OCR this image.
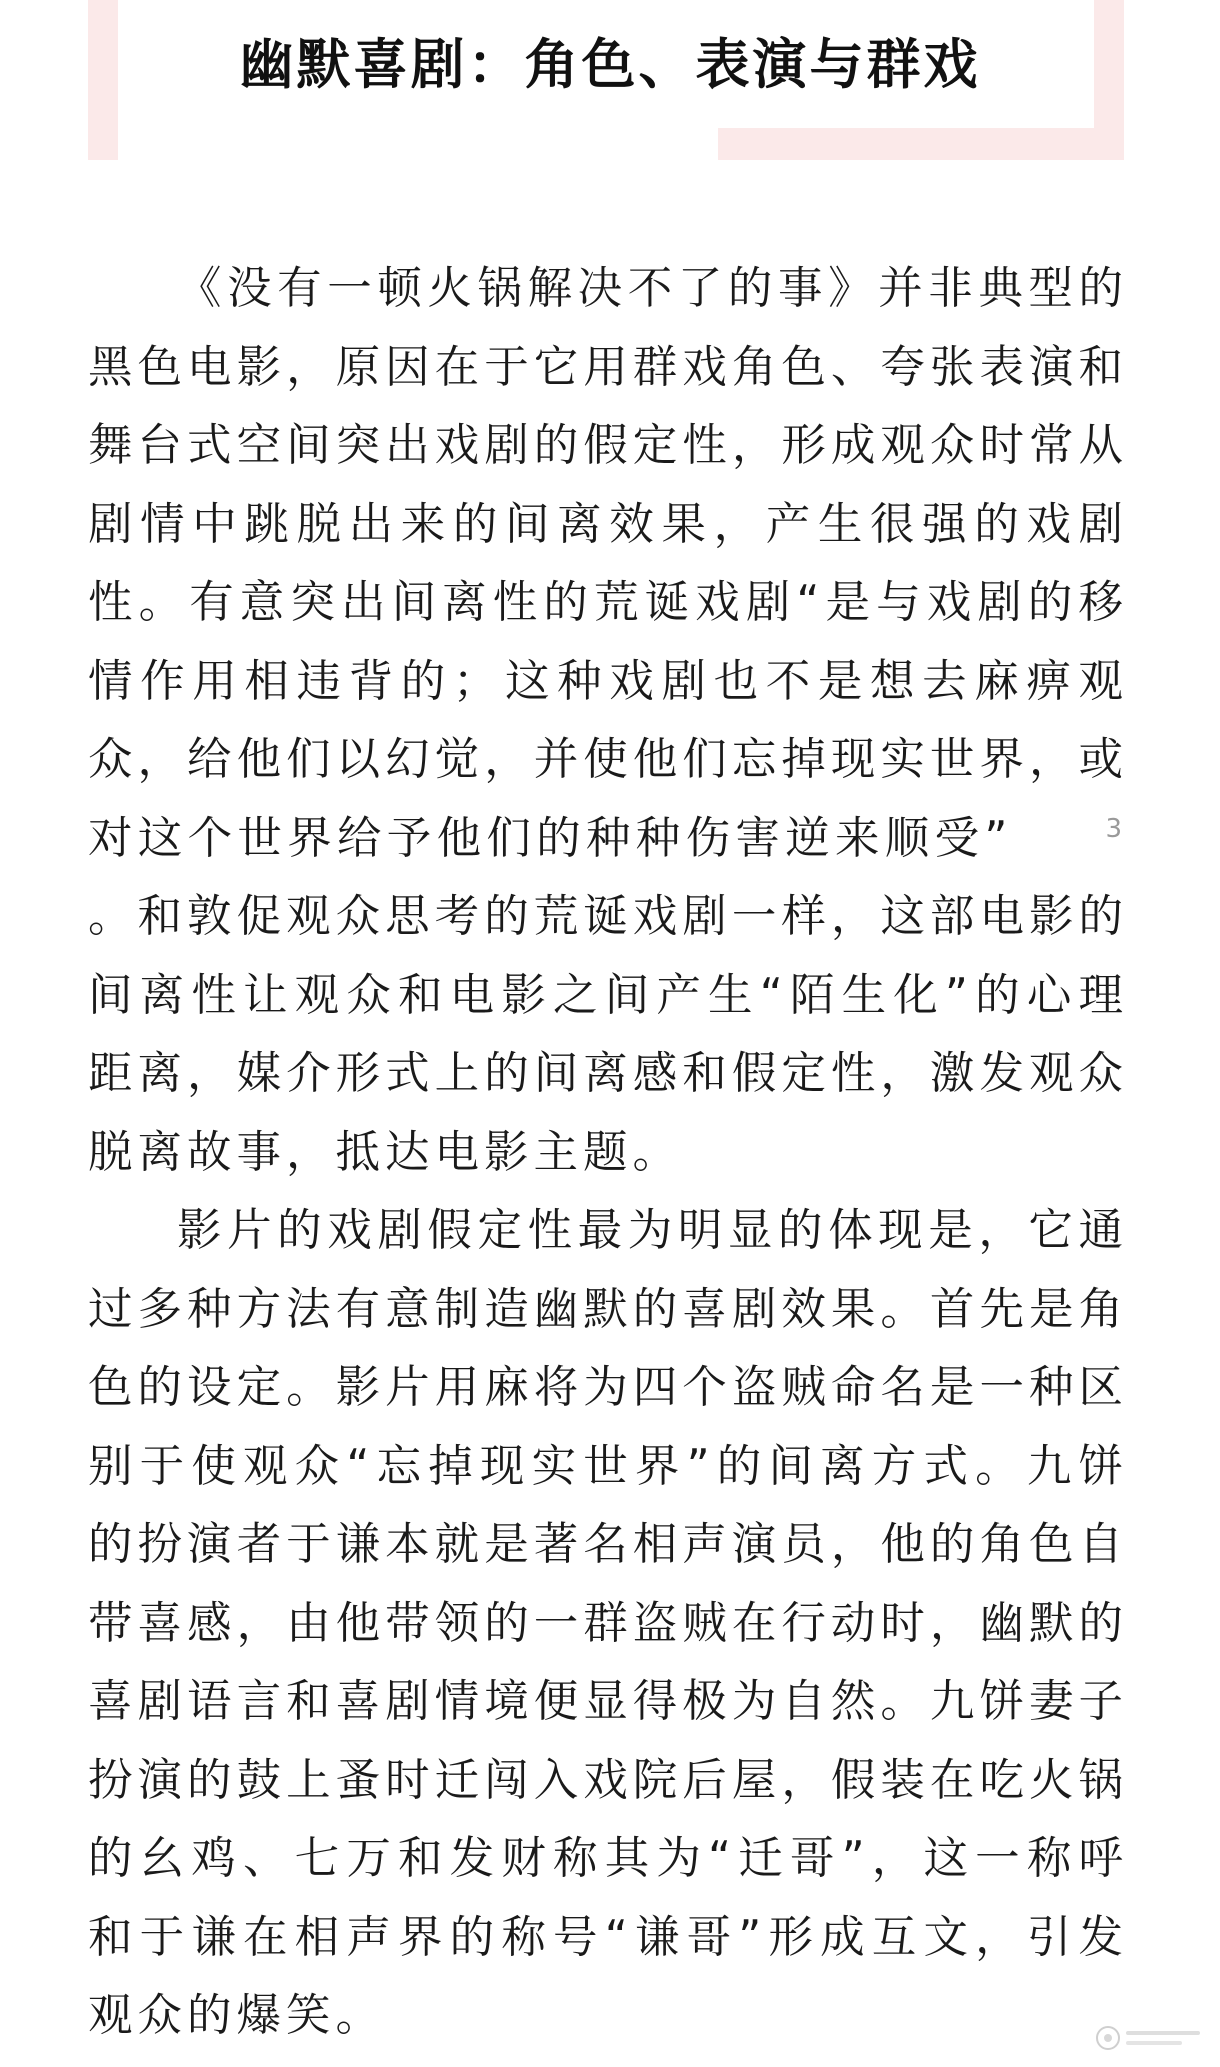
幽默喜剧：角色、表演与群戏

《没有一顿火锅解决不了的事》并非典型的黑色电影，原因在于它用群戏角色、夸张表演和舞台式空间突出戏剧的假定性，形成观众时常从剧情中跳脱出来的间离效果，产生很强的戏剧性。有意突出间离性的荒诞戏剧“是与戏剧的移情作用相违背的；这种戏剧也不是想去麻痹观众，给他们以幻觉，并使他们忘掉现实世界，或对这个世界给予他们的种种伤害逆来顺受”	3。和敦促观众思考的荒诞戏剧一样，这部电影的间离性让观众和电影之间产生“陌生化”的心理距离，媒介形式上的间离感和假定性，激发观众脱离故事，抵达电影主题。

影片的戏剧假定性最为明显的体现是，它通过多种方法有意制造幽默的喜剧效果。首先是角色的设定。影片用麻将为四个盗贼命名是一种区别于使观众“忘掉现实世界”的间离方式。九饼的扮演者于谦本就是著名相声演员，他的角色自带喜感，由他带领的一群盗贼在行动时，幽默的喜剧语言和喜剧情境便显得极为自然。九饼妻子扮演的鼓上蚤时迁闯入戏院后屋，假装在吃火锅的幺鸡、七万和发财称其为“迁哥”，这一称呼和于谦在相声界的称号“谦哥”形成互文，引发观众的爆笑。
